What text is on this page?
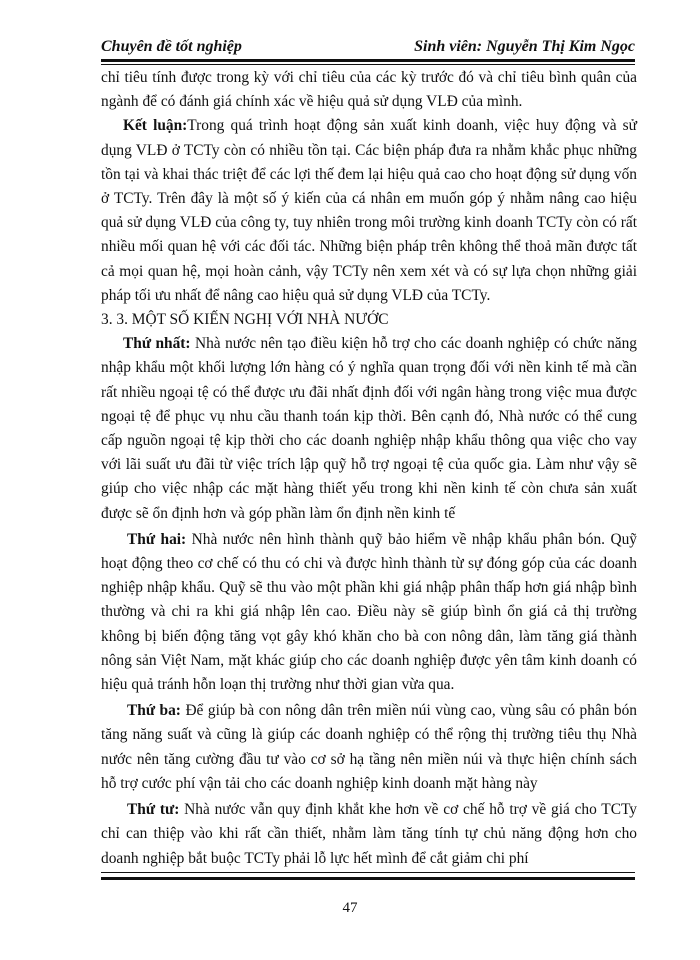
Chuyên đề tốt nghiệp	Sinh viên: Nguyễn Thị Kim Ngọc

chỉ tiêu tính được trong kỳ với chỉ tiêu của các kỳ trước đó và chỉ tiêu bình quân của ngành để có đánh giá chính xác về hiệu quả sử dụng VLĐ của mình.

Kết luận:Trong quá trình hoạt động sản xuất kinh doanh, việc huy động và sử dụng VLĐ ở TCTy còn có nhiều tồn tại. Các biện pháp đưa ra nhằm khắc phục những tồn tại và khai thác triệt để các lợi thế đem lại hiệu quả cao cho hoạt động sử dụng vốn ở TCTy. Trên đây là một số ý kiến của cá nhân em muốn góp ý nhằm nâng cao hiệu quả sử dụng VLĐ của công ty, tuy nhiên trong môi trường kinh doanh TCTy còn có rất nhiều mối quan hệ với các đối tác. Những biện pháp trên không thể thoả mãn được tất cả mọi quan hệ, mọi hoàn cảnh, vậy TCTy nên xem xét và có sự lựa chọn những giải pháp tối ưu nhất để nâng cao hiệu quả sử dụng VLĐ của TCTy.

3. 3. MỘT SỐ KIẾN NGHỊ VỚI NHÀ NƯỚC

Thứ nhất: Nhà nước nên tạo điều kiện hỗ trợ cho các doanh nghiệp có chức năng nhập khẩu một khối lượng lớn hàng có ý nghĩa quan trọng đối với nền kinh tế mà cần rất nhiều ngoại tệ có thể được ưu đãi nhất định đối với ngân hàng trong việc mua được ngoại tệ để phục vụ nhu cầu thanh toán kịp thời. Bên cạnh đó, Nhà nước có thể cung cấp nguồn ngoại tệ kịp thời cho các doanh nghiệp nhập khẩu thông qua việc cho vay với lãi suất ưu đãi từ việc trích lập quỹ hỗ trợ ngoại tệ của quốc gia. Làm như vậy sẽ giúp cho việc nhập các mặt hàng thiết yếu trong khi nền kinh tế còn chưa sản xuất được sẽ ổn định hơn và góp phần làm ổn định nền kinh tế

Thứ hai: Nhà nước nên hình thành quỹ bảo hiểm về nhập khẩu phân bón. Quỹ hoạt động theo cơ chế có thu có chi và được hình thành từ sự đóng góp của các doanh nghiệp nhập khẩu. Quỹ sẽ thu vào một phần khi giá nhập phân thấp hơn giá nhập bình thường và chi ra khi giá nhập lên cao. Điều này sẽ giúp bình ổn giá cả thị trường không bị biến động tăng vọt gây khó khăn cho bà con nông dân, làm tăng giá thành nông sản Việt Nam, mặt khác giúp cho các doanh nghiệp được yên tâm kinh doanh có hiệu quả tránh hỗn loạn thị trường như thời gian vừa qua.

Thứ ba: Để giúp bà con nông dân trên miền núi vùng cao, vùng sâu có phân bón tăng năng suất và cũng là giúp các doanh nghiệp có thể rộng thị trường tiêu thụ Nhà nước nên tăng cường đầu tư vào cơ sở hạ tầng nên miền núi và thực hiện chính sách hỗ trợ cước phí vận tải cho các doanh nghiệp kinh doanh mặt hàng này

Thứ tư: Nhà nước vẫn quy định khắt khe hơn về cơ chế hỗ trợ về giá cho TCTy chỉ can thiệp vào khi rất cần thiết, nhằm làm tăng tính tự chủ năng động hơn cho doanh nghiệp bắt buộc TCTy phải lỗ lực hết mình để cắt giảm chi phí

47
